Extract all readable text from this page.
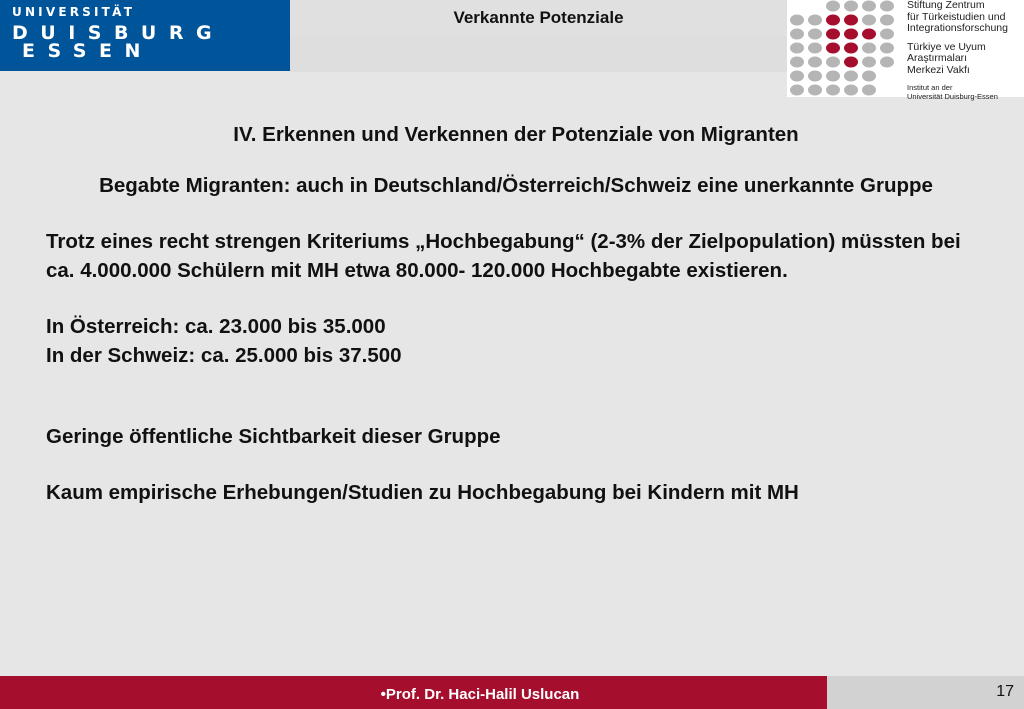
UNIVERSITÄT
DUISBURG
ESSEN
Verkannte Potenziale
Stiftung Zentrum
für Türkeistudien und
Integrationsforschung
Türkiye ve Uyum
Araştırmaları
Merkezi Vakfı
Institut an der
Universität Duisburg-Essen

IV. Erkennen und Verkennen der Potenziale von Migranten

Begabte Migranten: auch in Deutschland/Österreich/Schweiz eine unerkannte Gruppe

Trotz eines recht strengen Kriteriums „Hochbegabung“ (2-3% der Zielpopulation) müssten bei ca. 4.000.000 Schülern mit MH etwa 80.000- 120.000 Hochbegabte existieren.

In Österreich: ca. 23.000 bis 35.000

In der Schweiz: ca. 25.000 bis 37.500

Geringe öffentliche Sichtbarkeit dieser Gruppe

Kaum empirische Erhebungen/Studien zu Hochbegabung bei Kindern mit MH

•Prof. Dr. Haci-Halil Uslucan	17
